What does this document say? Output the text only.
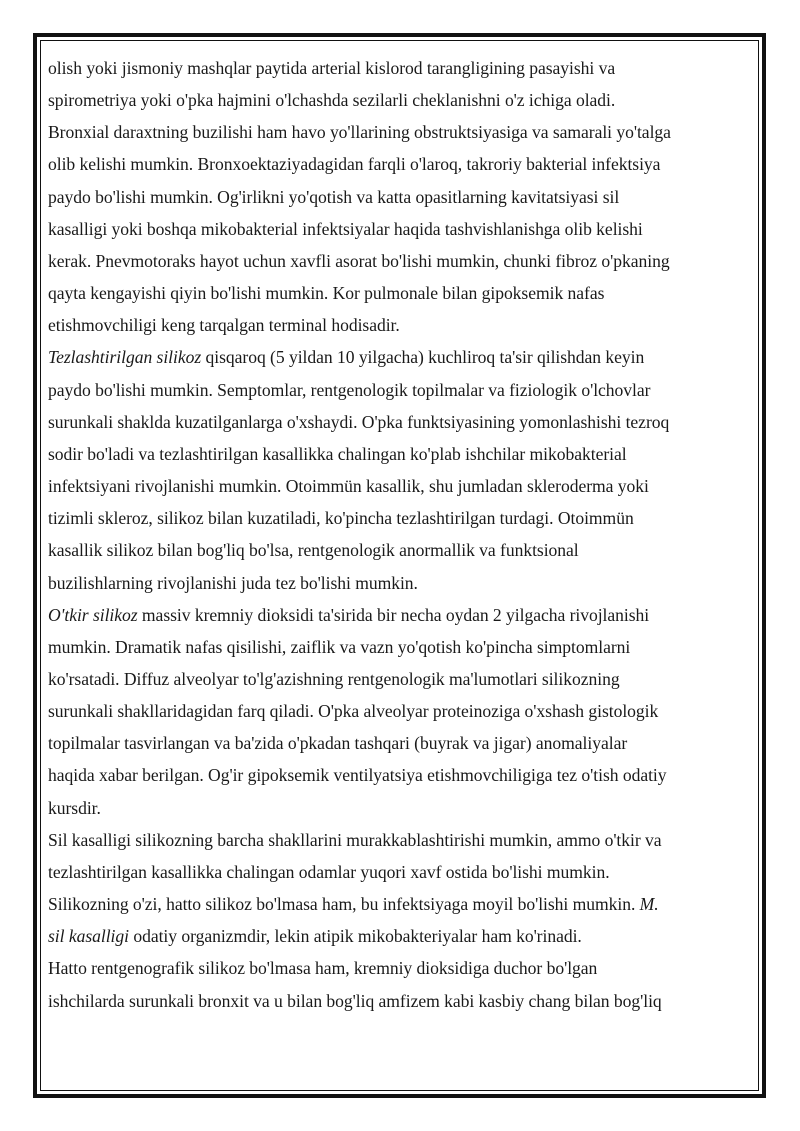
olish yoki jismoniy mashqlar paytida arterial kislorod tarangligining pasayishi va

spirometriya yoki o'pka hajmini o'lchashda sezilarli cheklanishni o'z ichiga oladi.

Bronxial daraxtning buzilishi ham havo yo'llarining obstruktsiyasiga va samarali yo'talga

olib kelishi mumkin. Bronxoektaziyadagidan farqli o'laroq, takroriy bakterial infektsiya

paydo bo'lishi mumkin. Og'irlikni yo'qotish va katta opasitlarning kavitatsiyasi sil

kasalligi yoki boshqa mikobakterial infektsiyalar haqida tashvishlanishga olib kelishi

kerak. Pnevmotoraks hayot uchun xavfli asorat bo'lishi mumkin, chunki fibroz o'pkaning

qayta kengayishi qiyin bo'lishi mumkin. Kor pulmonale bilan gipoksemik nafas

etishmovchiligi keng tarqalgan terminal hodisadir.

Tezlashtirilgan silikoz qisqaroq (5 yildan 10 yilgacha) kuchliroq ta'sir qilishdan keyin

paydo bo'lishi mumkin. Semptomlar, rentgenologik topilmalar va fiziologik o'lchovlar

surunkali shaklda kuzatilganlarga o'xshaydi. O'pka funktsiyasining yomonlashishi tezroq

sodir bo'ladi va tezlashtirilgan kasallikka chalingan ko'plab ishchilar mikobakterial

infektsiyani rivojlanishi mumkin. Otoimmün kasallik, shu jumladan skleroderma yoki

tizimli skleroz, silikoz bilan kuzatiladi, ko'pincha tezlashtirilgan turdagi. Otoimmün

kasallik silikoz bilan bog'liq bo'lsa, rentgenologik anormallik va funktsional

buzilishlarning rivojlanishi juda tez bo'lishi mumkin.

O'tkir silikoz massiv kremniy dioksidi ta'sirida bir necha oydan 2 yilgacha rivojlanishi

mumkin. Dramatik nafas qisilishi, zaiflik va vazn yo'qotish ko'pincha simptomlarni

ko'rsatadi. Diffuz alveolyar to'lg'azishning rentgenologik ma'lumotlari silikozning

surunkali shakllaridagidan farq qiladi. O'pka alveolyar proteinoziga o'xshash gistologik

topilmalar tasvirlangan va ba'zida o'pkadan tashqari (buyrak va jigar) anomaliyalar

haqida xabar berilgan. Og'ir gipoksemik ventilyatsiya etishmovchiligiga tez o'tish odatiy

kursdir.

Sil kasalligi silikozning barcha shakllarini murakkablashtirishi mumkin, ammo o'tkir va

tezlashtirilgan kasallikka chalingan odamlar yuqori xavf ostida bo'lishi mumkin.

Silikozning o'zi, hatto silikoz bo'lmasa ham, bu infektsiyaga moyil bo'lishi mumkin. M.

sil kasalligi odatiy organizmdir, lekin atipik mikobakteriyalar ham ko'rinadi.

Hatto rentgenografik silikoz bo'lmasa ham, kremniy dioksidiga duchor bo'lgan

ishchilarda surunkali bronxit va u bilan bog'liq amfizem kabi kasbiy chang bilan bog'liq
